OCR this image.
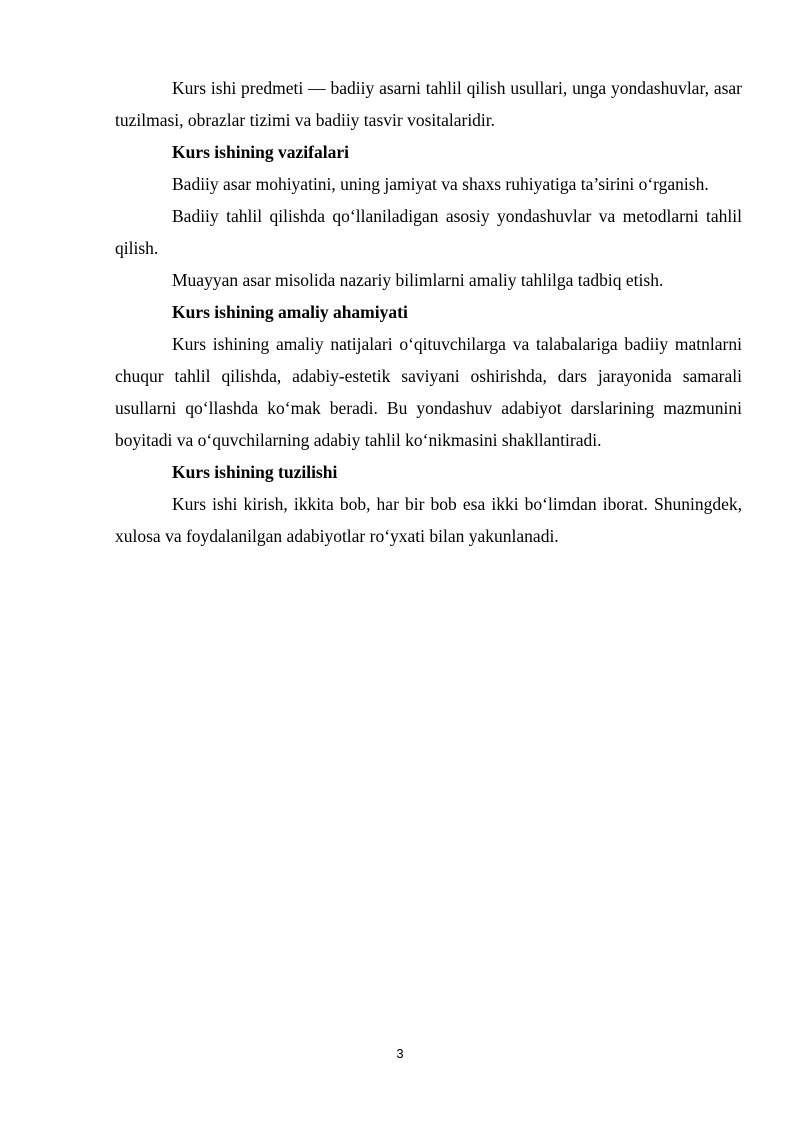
Kurs ishi predmeti — badiiy asarni tahlil qilish usullari, unga yondashuvlar, asar tuzilmasi, obrazlar tizimi va badiiy tasvir vositalaridir.

Kurs ishining vazifalari

Badiiy asar mohiyatini, uning jamiyat va shaxs ruhiyatiga ta’sirini o‘rganish.

Badiiy tahlil qilishda qo‘llaniladigan asosiy yondashuvlar va metodlarni tahlil qilish.

Muayyan asar misolida nazariy bilimlarni amaliy tahlilga tadbiq etish.

Kurs ishining amaliy ahamiyati

Kurs ishining amaliy natijalari o‘qituvchilarga va talabalariga badiiy matnlarni chuqur tahlil qilishda, adabiy-estetik saviyani oshirishda, dars jarayonida samarali usullarni qo‘llashda ko‘mak beradi. Bu yondashuv adabiyot darslarining mazmunini boyitadi va o‘quvchilarning adabiy tahlil ko‘nikmasini shakllantiradi.

Kurs ishining tuzilishi

Kurs ishi kirish, ikkita bob, har bir bob esa ikki bo‘limdan iborat. Shuningdek, xulosa va foydalanilgan adabiyotlar ro‘yxati bilan yakunlanadi.

3
